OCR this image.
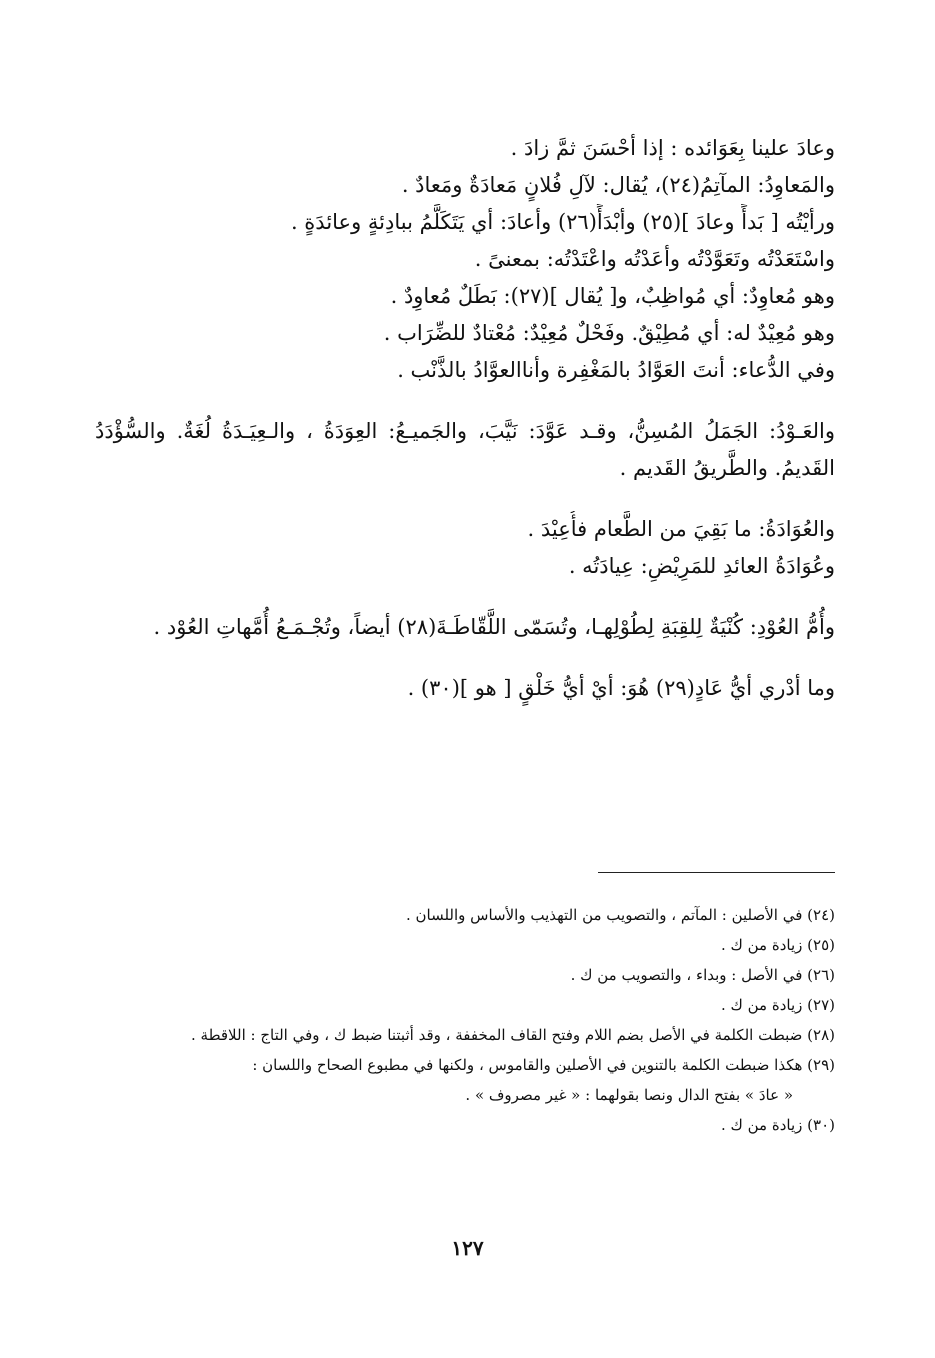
وعادَ علينا بِعَوَائده : إذا أحْسَنَ ثمَّ زادَ .
والمَعاوِدُ: المآتِمُ(٢٤)، يُقال: لآلِ فُلانٍ مَعادَةٌ ومَعادٌ .
ورأيْتُه [ بَدأً وعادَ ](٢٥) وأبْدَأً(٢٦) وأعادَ: أي يَتَكَلَّمُ ببادِئةٍ وعائدَةٍ .
واسْتَعَدْتُه وتَعَوَّدْتُه وأعَدْتُه واعْتَدْتُه: بمعنىً .
وهو مُعاوِدٌ: أي مُواظِبٌ، و[ يُقال ](٢٧): بَطَلٌ مُعاوِدٌ .
وهو مُعِيْدٌ له: أي مُطِيْقٌ. وفَحْلٌ مُعِيْدٌ: مُعْتادٌ للضِّرَاب .
وفي الدُّعاء: أنتَ العَوَّادُ بالمَغْفِرة وأناالعوَّادُ بالذَّنْب .
والعَـوْدُ: الجَمَلُ المُسِنُّ، وقـد عَوَّدَ: نَيَّبَ، والجَميـعُ: العِوَدَةُ ، والـعِيَـدَةُ لُغَةٌ. والسُّؤْدَدُ القَديمُ. والطَّريقُ القَديم .
والعُوَادَةُ: ما بَقِيَ من الطَّعام فأُعِيْدَ .
وعُوَادَةُ العائدِ للمَرِيْضِ: عِيادَتُه .
وأُمُّ العُوْدِ: كُنْيَةٌ لِلقِبَةِ لِطُوْلِهـا، وتُسَمّى اللَّقّاطَـةَ(٢٨) أيضاً، وتُجْـمَـعُ أُمَّهاتِ العُوْد .
وما أدْري أيُّ عَادٍ(٢٩) هُوَ: أيْ أيُّ خَلْقٍ [ هو ](٣٠) .
(٢٤) في الأصلين : المآتم ، والتصويب من التهذيب والأساس واللسان .
(٢٥) زيادة من ك .
(٢٦) في الأصل : وبداء ، والتصويب من ك .
(٢٧) زيادة من ك .
(٢٨) ضبطت الكلمة في الأصل بضم اللام وفتح القاف المخففة ، وقد أثبتنا ضبط ك ، وفي التاج : اللاقطة .
(٢٩) هكذا ضبطت الكلمة بالتنوين في الأصلين والقاموس ، ولكنها في مطبوع الصحاح واللسان :
« عادَ » بفتح الدال ونصا بقولهما : « غير مصروف » .
(٣٠) زيادة من ك .
١٢٧
